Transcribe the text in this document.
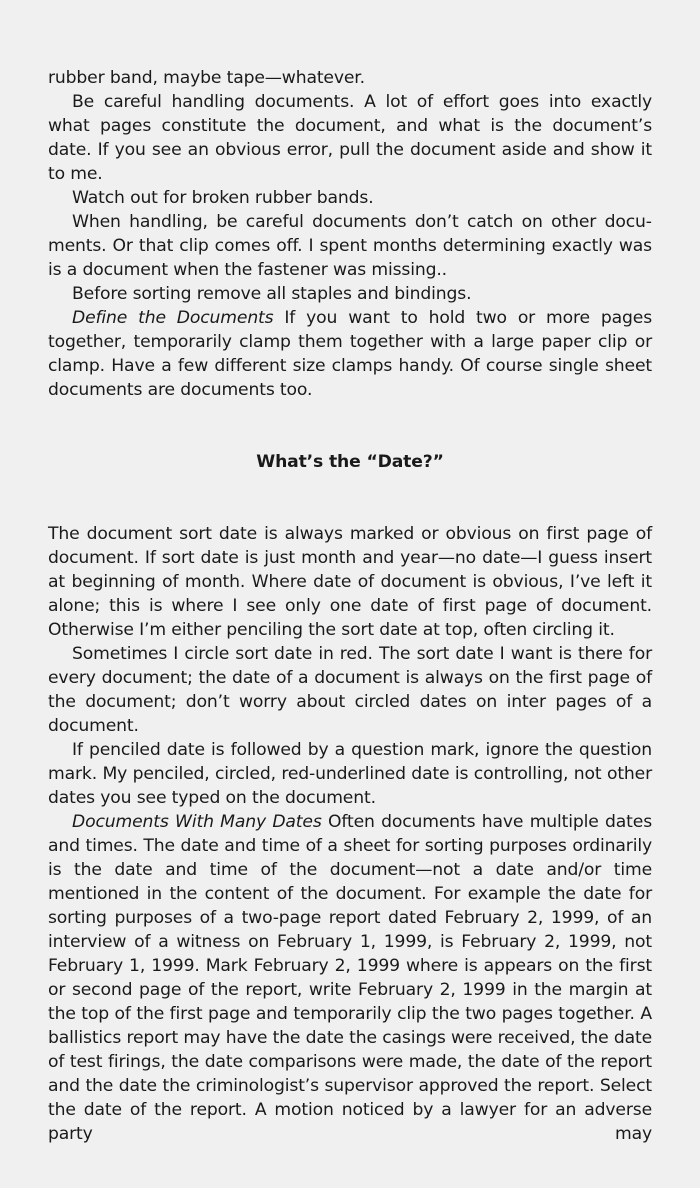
rubber band, maybe tape—whatever.

Be careful handling documents. A lot of effort goes into exactly what pages constitute the document, and what is the document’s date. If you see an obvious error, pull the document aside and show it to me.

Watch out for broken rubber bands.

When handling, be careful documents don’t catch on other documents. Or that clip comes off. I spent months determining exactly was is a document when the fastener was missing..

Before sorting remove all staples and bindings.

Define the Documents If you want to hold two or more pages together, temporarily clamp them together with a large paper clip or clamp. Have a few different size clamps handy. Of course single sheet documents are documents too.

What’s the “Date?”

The document sort date is always marked or obvious on first page of document. If sort date is just month and year—no date—I guess insert at beginning of month. Where date of document is obvious, I’ve left it alone; this is where I see only one date of first page of document. Otherwise I’m either penciling the sort date at top, often circling it.

Sometimes I circle sort date in red. The sort date I want is there for every document; the date of a document is always on the first page of the document; don’t worry about circled dates on inter pages of a document.

If penciled date is followed by a question mark, ignore the question mark. My penciled, circled, red-underlined date is controlling, not other dates you see typed on the document.

Documents With Many Dates Often documents have multiple dates and times. The date and time of a sheet for sorting purposes ordinarily is the date and time of the document—not a date and/or time mentioned in the content of the document. For example the date for sorting purposes of a two-page report dated February 2, 1999, of an interview of a witness on February 1, 1999, is February 2, 1999, not February 1, 1999. Mark February 2, 1999 where is appears on the first or second page of the report, write February 2, 1999 in the margin at the top of the first page and temporarily clip the two pages together. A ballistics report may have the date the casings were received, the date of test firings, the date comparisons were made, the date of the report and the date the criminologist’s supervisor approved the report. Select the date of the report. A motion noticed by a lawyer for an adverse party may
